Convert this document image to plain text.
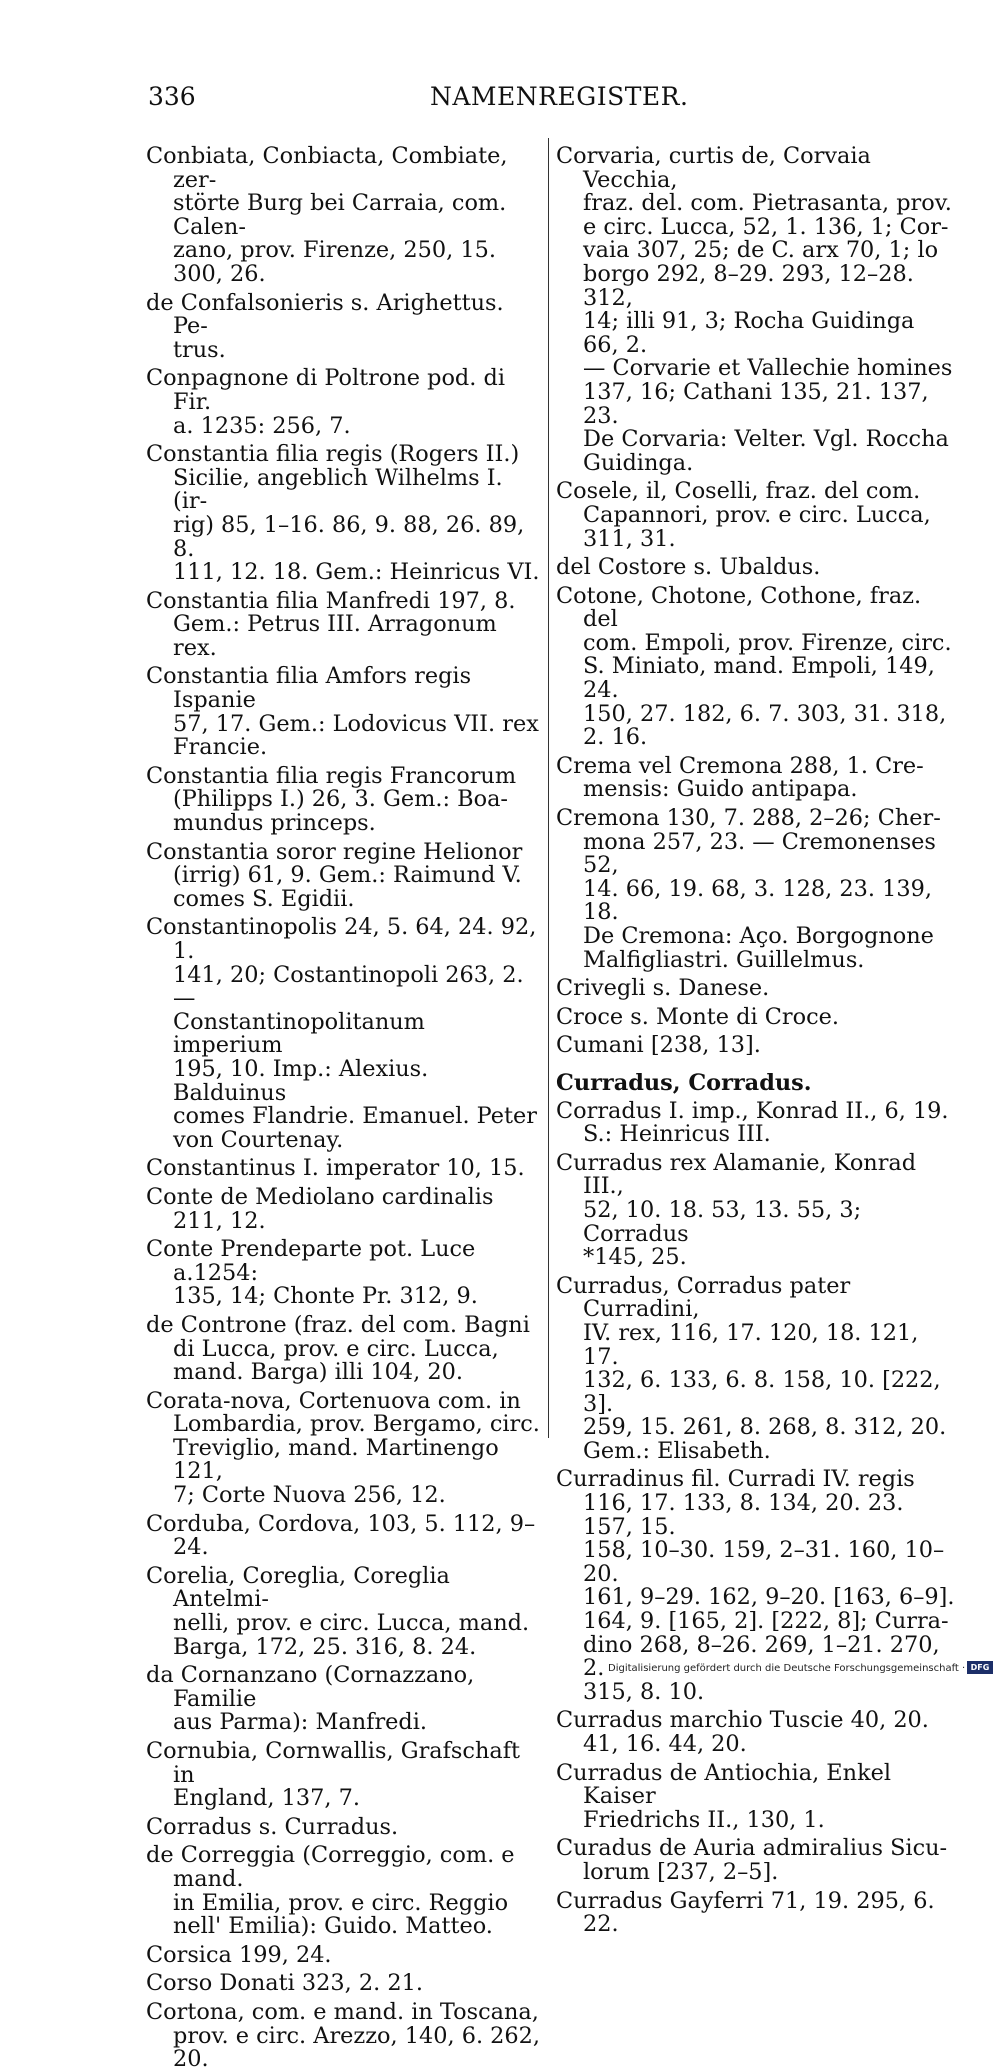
336	NAMENREGISTER.
Conbiata, Conbiacta, Combiate, zer-
störte Burg bei Carraia, com. Calen-
zano, prov. Firenze, 250, 15. 300, 26.
de Confalsonieris s. Arighettus. Pe-
trus.
Conpagnone di Poltrone pod. di Fir.
a. 1235: 256, 7.
Constantia filia regis (Rogers II.)
Sicilie, angeblich Wilhelms I. (ir-
rig) 85, 1–16. 86, 9. 88, 26. 89, 8.
111, 12. 18. Gem.: Heinricus VI.
Constantia filia Manfredi 197, 8.
Gem.: Petrus III. Arragonum rex.
Constantia filia Amfors regis Ispanie
57, 17. Gem.: Lodovicus VII. rex
Francie.
Constantia filia regis Francorum
(Philipps I.) 26, 3. Gem.: Boa-
mundus princeps.
Constantia soror regine Helionor
(irrig) 61, 9. Gem.: Raimund V.
comes S. Egidii.
Constantinopolis 24, 5. 64, 24. 92, 1.
141, 20; Costantinopoli 263, 2. —
Constantinopolitanum imperium
195, 10. Imp.: Alexius. Balduinus
comes Flandrie. Emanuel. Peter
von Courtenay.
Constantinus I. imperator 10, 15.
Conte de Mediolano cardinalis 211, 12.
Conte Prendeparte pot. Luce a.1254:
135, 14; Chonte Pr. 312, 9.
de Controne (fraz. del com. Bagni
di Lucca, prov. e circ. Lucca,
mand. Barga) illi 104, 20.
Corata-nova, Cortenuova com. in
Lombardia, prov. Bergamo, circ.
Treviglio, mand. Martinengo 121,
7; Corte Nuova 256, 12.
Corduba, Cordova, 103, 5. 112, 9–24.
Corelia, Coreglia, Coreglia Antelmi-
nelli, prov. e circ. Lucca, mand.
Barga, 172, 25. 316, 8. 24.
da Cornanzano (Cornazzano, Familie
aus Parma): Manfredi.
Cornubia, Cornwallis, Grafschaft in
England, 137, 7.
Corradus s. Curradus.
de Correggia (Correggio, com. e mand.
in Emilia, prov. e circ. Reggio
nell' Emilia): Guido. Matteo.
Corsica 199, 24.
Corso Donati 323, 2. 21.
Cortona, com. e mand. in Toscana,
prov. e circ. Arezzo, 140, 6. 262, 20.
Corvaria, curtis de, Corvaia Vecchia,
fraz. del. com. Pietrasanta, prov.
e circ. Lucca, 52, 1. 136, 1; Cor-
vaia 307, 25; de C. arx 70, 1; lo
borgo 292, 8–29. 293, 12–28. 312,
14; illi 91, 3; Rocha Guidinga 66, 2.
— Corvarie et Vallechie homines
137, 16; Cathani 135, 21. 137, 23.
De Corvaria: Velter. Vgl. Roccha
Guidinga.
Cosele, il, Coselli, fraz. del com.
Capannori, prov. e circ. Lucca,
311, 31.
del Costore s. Ubaldus.
Cotone, Chotone, Cothone, fraz. del
com. Empoli, prov. Firenze, circ.
S. Miniato, mand. Empoli, 149, 24.
150, 27. 182, 6. 7. 303, 31. 318, 2. 16.
Crema vel Cremona 288, 1. Cre-
mensis: Guido antipapa.
Cremona 130, 7. 288, 2–26; Cher-
mona 257, 23. — Cremonenses 52,
14. 66, 19. 68, 3. 128, 23. 139, 18.
De Cremona: Aço. Borgognone
Malfigliastri. Guillelmus.
Crivegli s. Danese.
Croce s. Monte di Croce.
Cumani [238, 13].
Curradus, Corradus.
Corradus I. imp., Konrad II., 6, 19.
S.: Heinricus III.
Curradus rex Alamanie, Konrad III.,
52, 10. 18. 53, 13. 55, 3; Corradus
*145, 25.
Curradus, Corradus pater Curradini,
IV. rex, 116, 17. 120, 18. 121, 17.
132, 6. 133, 6. 8. 158, 10. [222, 3].
259, 15. 261, 8. 268, 8. 312, 20.
Gem.: Elisabeth.
Curradinus fil. Curradi IV. regis
116, 17. 133, 8. 134, 20. 23. 157, 15.
158, 10–30. 159, 2–31. 160, 10–20.
161, 9–29. 162, 9–20. [163, 6–9].
164, 9. [165, 2]. [222, 8]; Curra-
dino 268, 8–26. 269, 1–21. 270, 2.
315, 8. 10.
Curradus marchio Tuscie 40, 20.
41, 16. 44, 20.
Curradus de Antiochia, Enkel Kaiser
Friedrichs II., 130, 1.
Curadus de Auria admiralius Sicu-
lorum [237, 2–5].
Curradus Gayferri 71, 19. 295, 6. 22.
Digitalisierung gefördert durch die Deutsche Forschungsgemeinschaft · DFG
